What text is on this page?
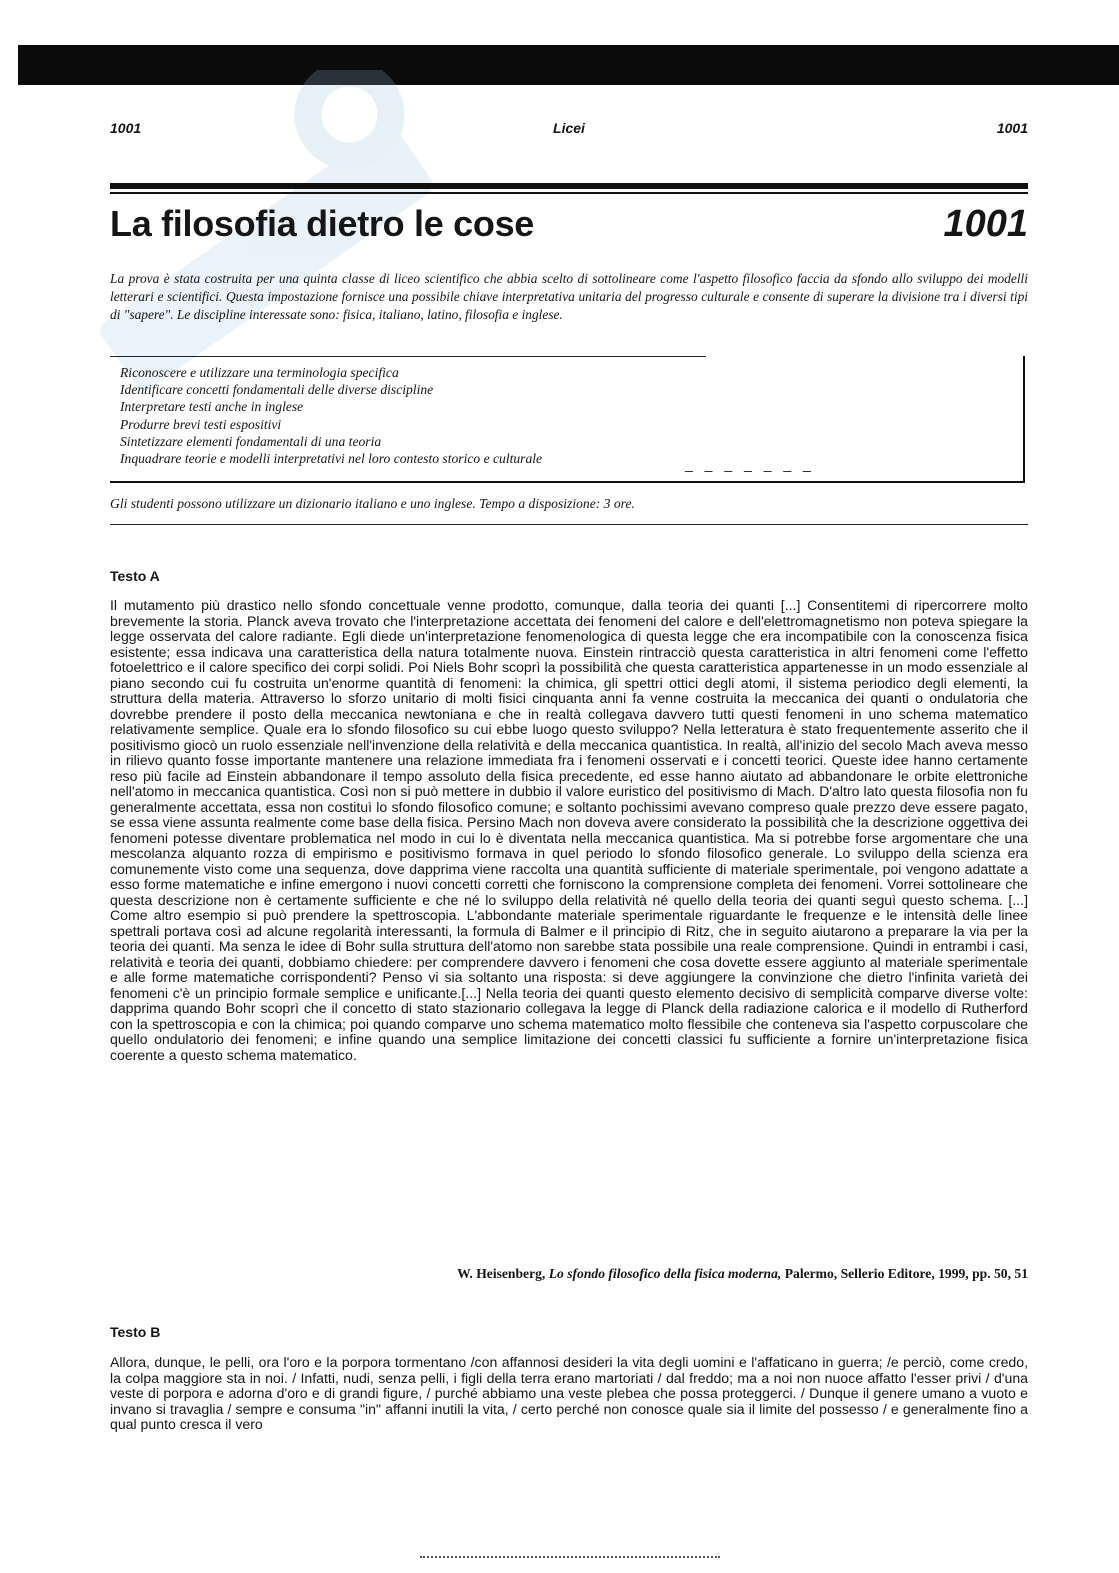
1001	Licei	1001
La filosofia dietro le cose	1001

La prova è stata costruita per una quinta classe di liceo scientifico che abbia scelto di sottolineare come l'aspetto filosofico faccia da sfondo allo sviluppo dei modelli letterari e scientifici. Questa impostazione fornisce una possibile chiave interpretativa unitaria del progresso culturale e consente di superare la divisione tra i diversi tipi di "sapere". Le discipline interessate sono: fisica, italiano, latino, filosofia e inglese.

Riconoscere e utilizzare una terminologia specifica
Identificare concetti fondamentali delle diverse discipline
Interpretare testi anche in inglese
Produrre brevi testi espositivi
Sintetizzare elementi fondamentali di una teoria
Inquadrare teorie e modelli interpretativi nel loro contesto storico e culturale	_ _ _ _ _ _ _

Gli studenti possono utilizzare un dizionario italiano e uno inglese. Tempo a disposizione: 3 ore.

Testo A

Il mutamento più drastico nello sfondo concettuale venne prodotto, comunque, dalla teoria dei quanti [...] Consentitemi di ripercorrere molto brevemente la storia. Planck aveva trovato che l'interpretazione accettata dei fenomeni del calore e dell'elettromagnetismo non poteva spiegare la legge osservata del calore radiante. Egli diede un'interpretazione fenomenologica di questa legge che era incompatibile con la conoscenza fisica esistente; essa indicava una caratteristica della natura totalmente nuova. Einstein rintracciò questa caratteristica in altri fenomeni come l'effetto fotoelettrico e il calore specifico dei corpi solidi. Poi Niels Bohr scoprì la possibilità che questa caratteristica appartenesse in un modo essenziale al piano secondo cui fu costruita un'enorme quantità di fenomeni: la chimica, gli spettri ottici degli atomi, il sistema periodico degli elementi, la struttura della materia. Attraverso lo sforzo unitario di molti fisici cinquanta anni fa venne costruita la meccanica dei quanti o ondulatoria che dovrebbe prendere il posto della meccanica newtoniana e che in realtà collegava davvero tutti questi fenomeni in uno schema matematico relativamente semplice. Quale era lo sfondo filosofico su cui ebbe luogo questo sviluppo? Nella letteratura è stato frequentemente asserito che il positivismo giocò un ruolo essenziale nell'invenzione della relatività e della meccanica quantistica. In realtà, all'inizio del secolo Mach aveva messo in rilievo quanto fosse importante mantenere una relazione immediata fra i fenomeni osservati e i concetti teorici. Queste idee hanno certamente reso più facile ad Einstein abbandonare il tempo assoluto della fisica precedente, ed esse hanno aiutato ad abbandonare le orbite elettroniche nell'atomo in meccanica quantistica. Così non si può mettere in dubbio il valore euristico del positivismo di Mach. D'altro lato questa filosofia non fu generalmente accettata, essa non costituì lo sfondo filosofico comune; e soltanto pochissimi avevano compreso quale prezzo deve essere pagato, se essa viene assunta realmente come base della fisica. Persino Mach non doveva avere considerato la possibilità che la descrizione oggettiva dei fenomeni potesse diventare problematica nel modo in cui lo è diventata nella meccanica quantistica. Ma si potrebbe forse argomentare che una mescolanza alquanto rozza di empirismo e positivismo formava in quel periodo lo sfondo filosofico generale. Lo sviluppo della scienza era comunemente visto come una sequenza, dove dapprima viene raccolta una quantità sufficiente di materiale sperimentale, poi vengono adattate a esso forme matematiche e infine emergono i nuovi concetti corretti che forniscono la comprensione completa dei fenomeni. Vorrei sottolineare che questa descrizione non è certamente sufficiente e che né lo sviluppo della relatività né quello della teoria dei quanti seguì questo schema. [...] Come altro esempio si può prendere la spettroscopia. L'abbondante materiale sperimentale riguardante le frequenze e le intensità delle linee spettrali portava così ad alcune regolarità interessanti, la formula di Balmer e il principio di Ritz, che in seguito aiutarono a preparare la via per la teoria dei quanti. Ma senza le idee di Bohr sulla struttura dell'atomo non sarebbe stata possibile una reale comprensione. Quindi in entrambi i casi, relatività e teoria dei quanti, dobbiamo chiedere: per comprendere davvero i fenomeni che cosa dovette essere aggiunto al materiale sperimentale e alle forme matematiche corrispondenti? Penso vi sia soltanto una risposta: si deve aggiungere la convinzione che dietro l'infinita varietà dei fenomeni c'è un principio formale semplice e unificante.[...] Nella teoria dei quanti questo elemento decisivo di semplicità comparve diverse volte: dapprima quando Bohr scoprì che il concetto di stato stazionario collegava la legge di Planck della radiazione calorica e il modello di Rutherford con la spettroscopia e con la chimica; poi quando comparve uno schema matematico molto flessibile che conteneva sia l'aspetto corpuscolare che quello ondulatorio dei fenomeni; e infine quando una semplice limitazione dei concetti classici fu sufficiente a fornire un'interpretazione fisica coerente a questo schema matematico.

W. Heisenberg, Lo sfondo filosofico della fisica moderna, Palermo, Sellerio Editore, 1999, pp. 50, 51

Testo B

Allora, dunque, le pelli, ora l'oro e la porpora tormentano /con affannosi desideri la vita degli uomini e l'affaticano in guerra; /e perciò, come credo, la colpa maggiore sta in noi. / Infatti, nudi, senza pelli, i figli della terra erano martoriati / dal freddo; ma a noi non nuoce affatto l'esser privi / d'una veste di porpora e adorna d'oro e di grandi figure, / purché abbiamo una veste plebea che possa proteggerci. / Dunque il genere umano a vuoto e invano si travaglia / sempre e consuma "in" affanni inutili la vita, / certo perché non conosce quale sia il limite del possesso / e generalmente fino a qual punto cresca il vero
